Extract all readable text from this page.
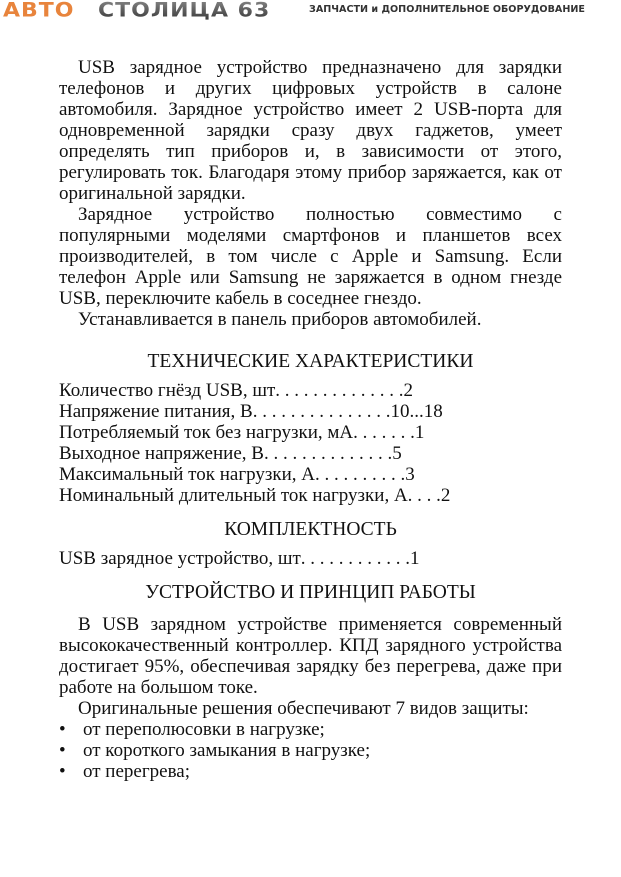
АВТО СТОЛИЦА 63	ЗАПЧАСТИ и ДОПОЛНИТЕЛЬНОЕ ОБОРУДОВАНИЕ

USB зарядное устройство предназначено для зарядки телефонов и других цифровых устройств в салоне автомобиля. Зарядное устройство имеет 2 USB-порта для одновременной зарядки сразу двух гаджетов, умеет определять тип приборов и, в зависимости от этого, регулировать ток. Благодаря этому прибор заряжается, как от оригинальной зарядки.

Зарядное устройство полностью совместимо с популярными моделями смартфонов и планшетов всех производителей, в том числе с Apple и Samsung. Если телефон Apple или Samsung не заряжается в одном гнезде USB, переключите кабель в соседнее гнездо.

Устанавливается в панель приборов автомобилей.

ТЕХНИЧЕСКИЕ ХАРАКТЕРИСТИКИ
Количество гнёзд USB, шт . . . . . . . . . . . . . . 2
Напряжение питания, В . . . . . . . . . . . . . . . 10...18
Потребляемый ток без нагрузки, мА . . . . . . . 1
Выходное напряжение, В . . . . . . . . . . . . . . 5
Максимальный ток нагрузки, А . . . . . . . . . . 3
Номинальный длительный ток нагрузки, А . . . . 2
КОМПЛЕКТНОСТЬ
USB зарядное устройство, шт . . . . . . . . . . . . 1
УСТРОЙСТВО И ПРИНЦИП РАБОТЫ

В USB зарядном устройстве применяется современный высококачественный контроллер. КПД зарядного устройства достигает 95%, обеспечивая зарядку без перегрева, даже при работе на большом токе.

Оригинальные решения обеспечивают 7 видов защиты:

• от переполюсовки в нагрузке;
• от короткого замыкания в нагрузке;
• от перегрева;
